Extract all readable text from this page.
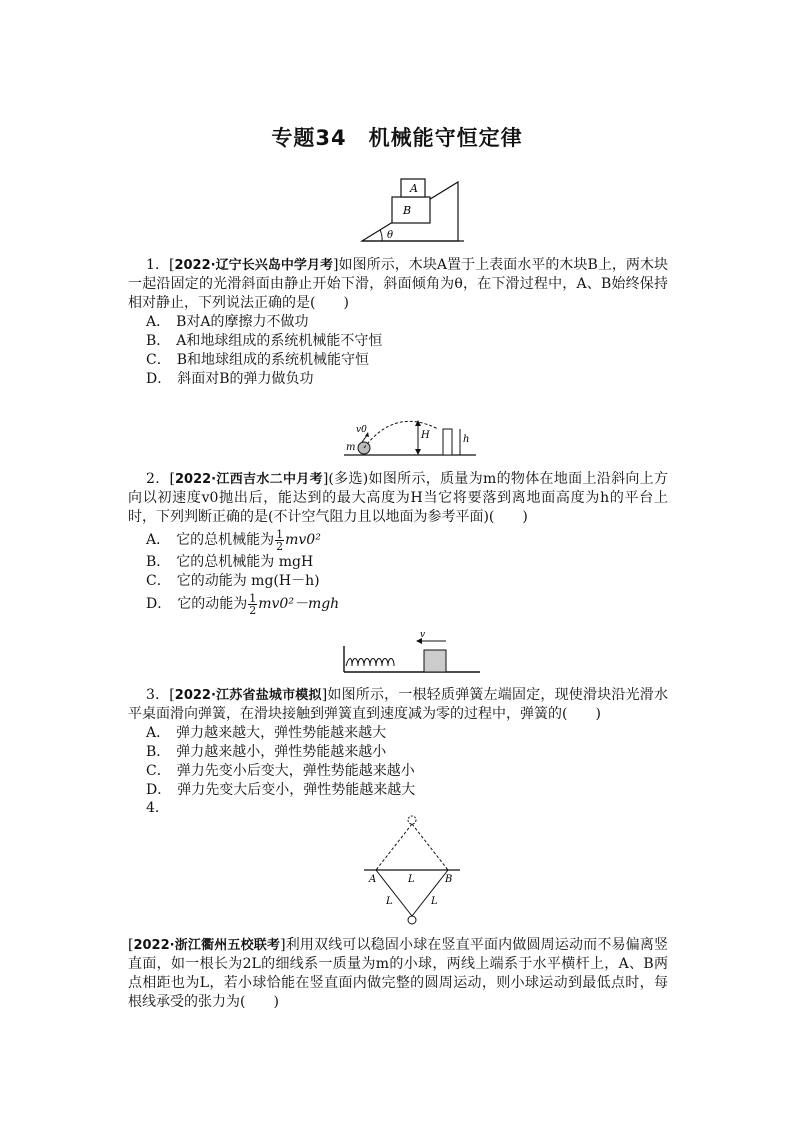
专题34　机械能守恒定律
A
B
θ

1．[2022·辽宁长兴岛中学月考]如图所示，木块A置于上表面水平的木块B上，两木块一起沿固定的光滑斜面由静止开始下滑，斜面倾角为θ，在下滑过程中，A、B始终保持相对静止，下列说法正确的是(　　)

A． B对A的摩擦力不做功

B． A和地球组成的系统机械能不守恒

C． B和地球组成的系统机械能守恒

D． 斜面对B的弹力做负功

v0
m
H	h

2．[2022·江西吉水二中月考](多选)如图所示，质量为m的物体在地面上沿斜向上方向以初速度v0抛出后，能达到的最大高度为H当它将要落到离地面高度为h的平台上时，下列判断正确的是(不计空气阻力且以地面为参考平面)(　　)

A． 它的总机械能为 $\frac{1}{2} mv0^2$

B． 它的总机械能为 mgH

C． 它的动能为 mg(H－h)

D． 它的动能为 $\frac{1}{2} mv0^2-mgh$

v

3．[2022·江苏省盐城市模拟]如图所示，一根轻质弹簧左端固定，现使滑块沿光滑水平桌面滑向弹簧，在滑块接触到弹簧直到速度减为零的过程中，弹簧的(　　)

A． 弹力越来越大，弹性势能越来越大

B． 弹力越来越小，弹性势能越来越小

C． 弹力先变小后变大，弹性势能越来越小

D． 弹力先变大后变小，弹性势能越来越大

4.
A	B
L
L	L

[2022·浙江衢州五校联考]利用双线可以稳固小球在竖直平面内做圆周运动而不易偏离竖直面，如一根长为2L的细线系一质量为m的小球，两线上端系于水平横杆上，A、B两点相距也为L，若小球恰能在竖直面内做完整的圆周运动，则小球运动到最低点时，每根线承受的张力为(　　)
